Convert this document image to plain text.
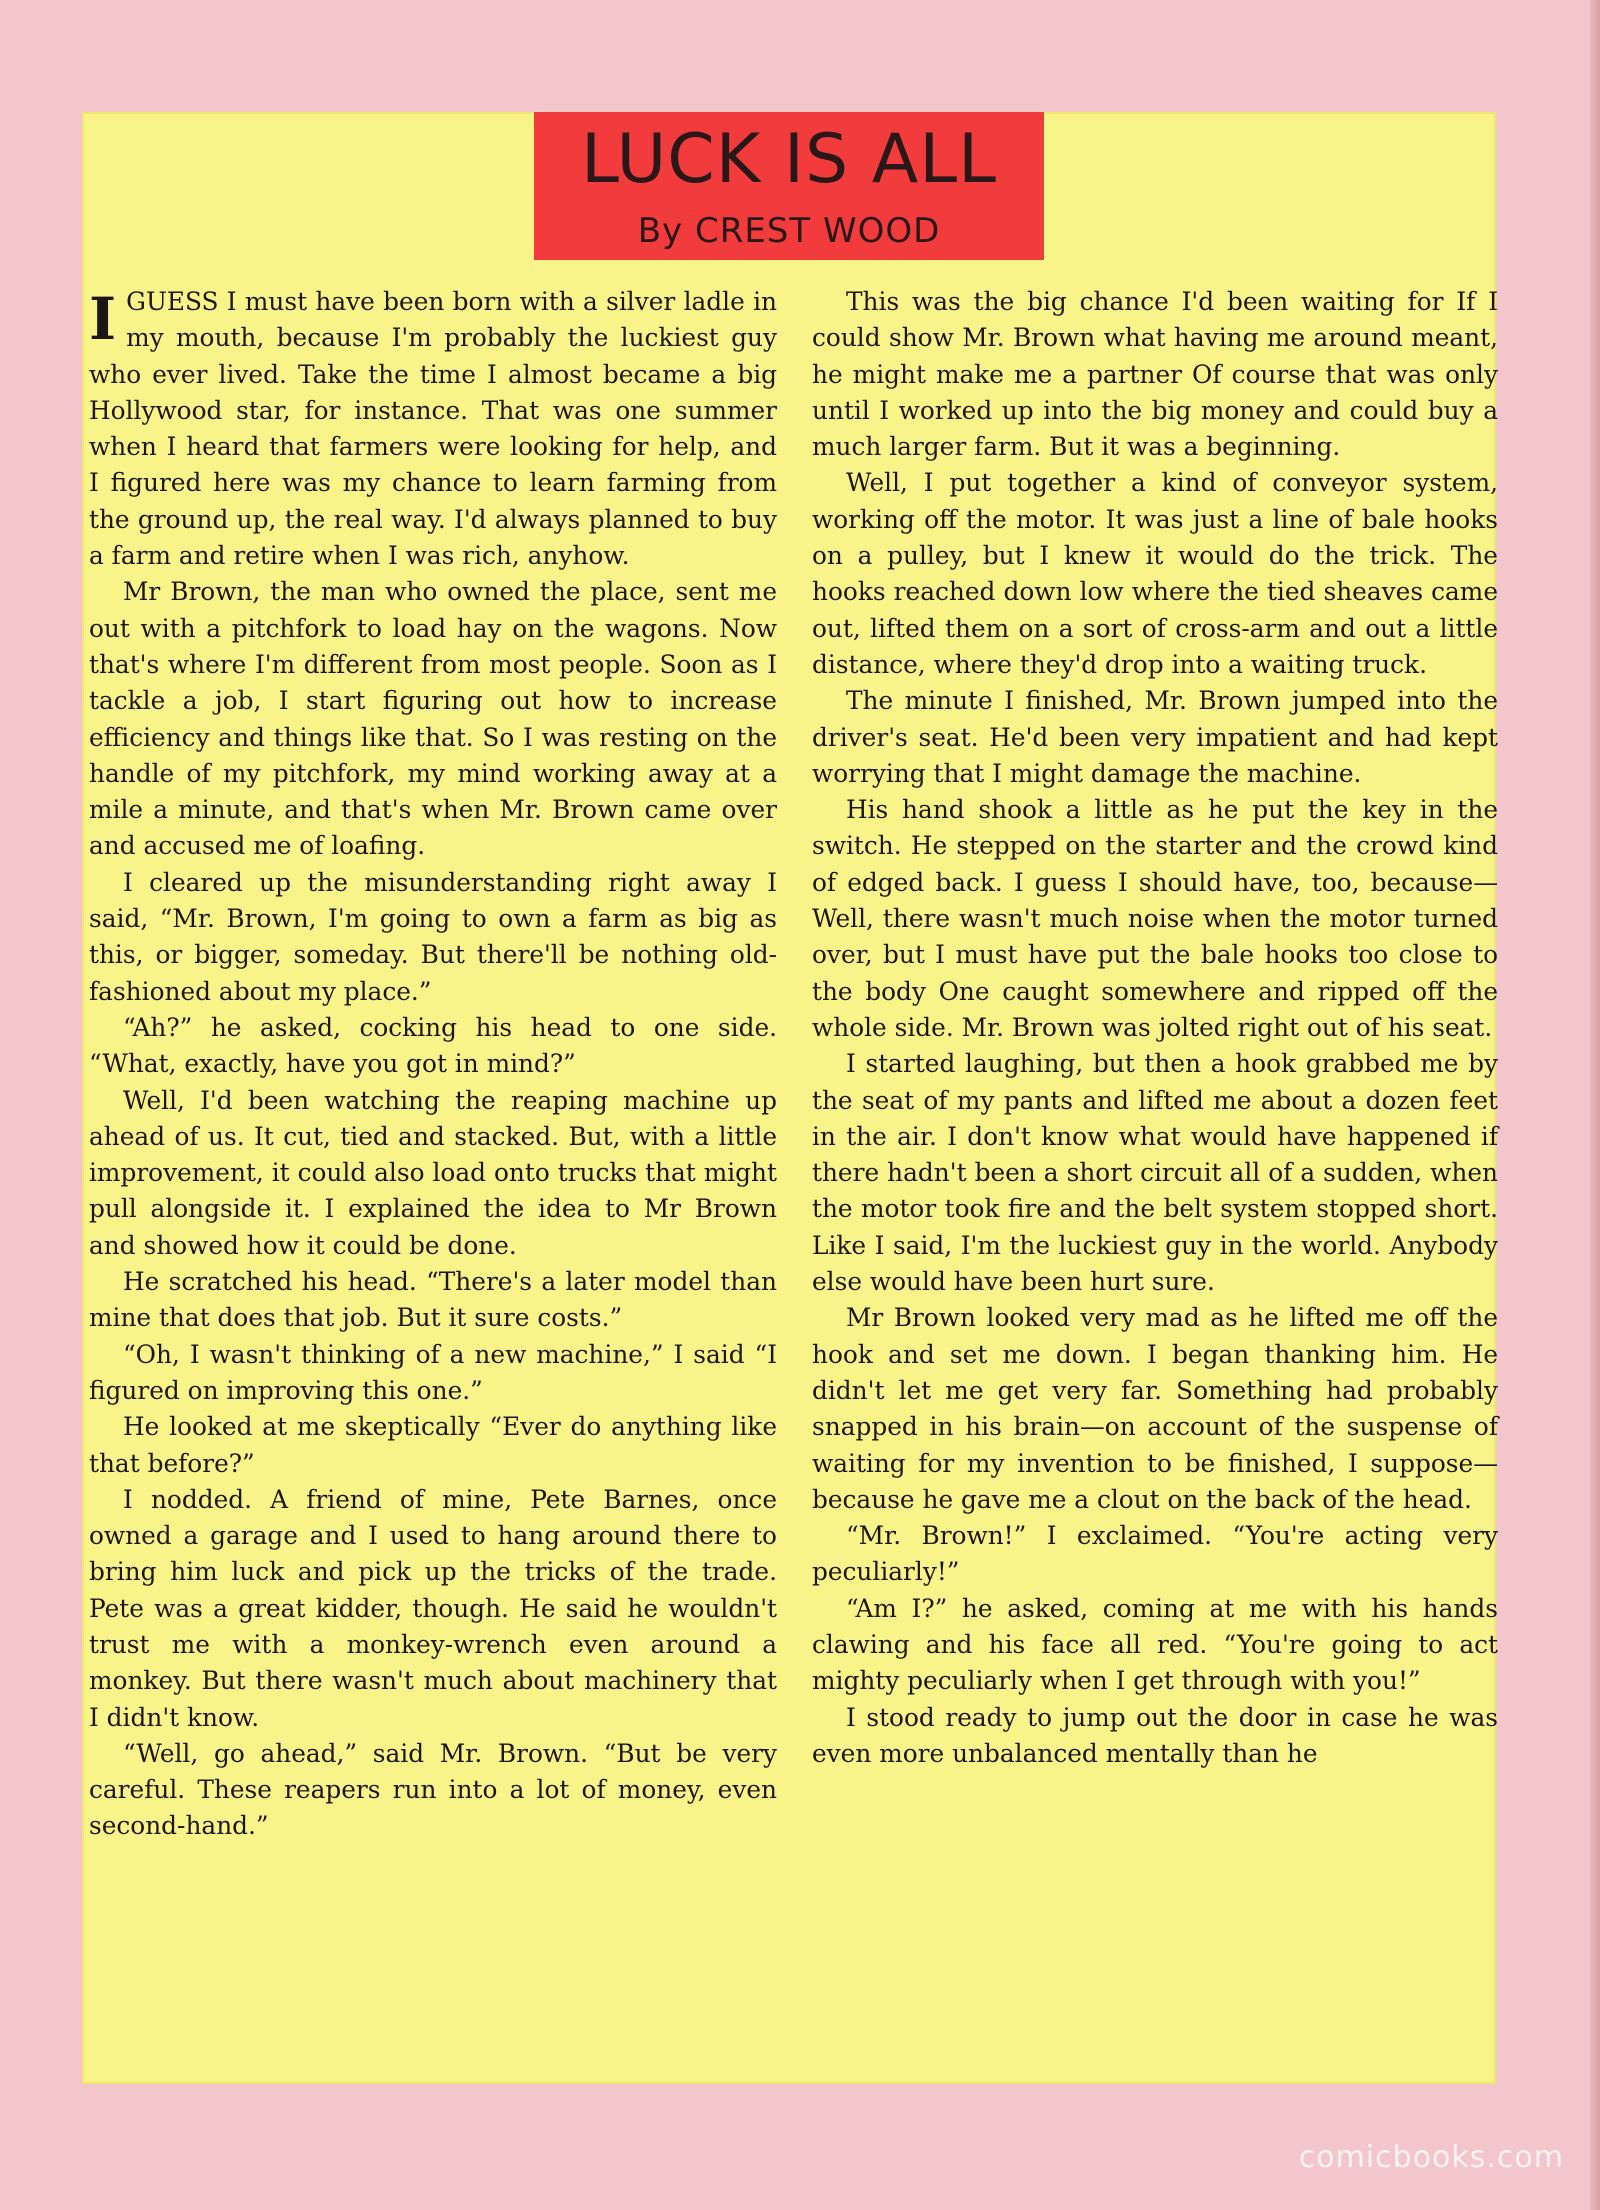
LUCK IS ALL
By CREST WOOD

I GUESS I must have been born with a silver ladle in my mouth, because I'm probably the luckiest guy who ever lived. Take the time I almost became a big Hollywood star, for instance. That was one summer when I heard that farmers were looking for help, and I figured here was my chance to learn farming from the ground up, the real way. I'd always planned to buy a farm and retire when I was rich, anyhow.

Mr Brown, the man who owned the place, sent me out with a pitchfork to load hay on the wagons. Now that's where I'm different from most people. Soon as I tackle a job, I start figuring out how to increase efficiency and things like that. So I was resting on the handle of my pitchfork, my mind working away at a mile a minute, and that's when Mr. Brown came over and accused me of loafing.

I cleared up the misunderstanding right away I said, “Mr. Brown, I'm going to own a farm as big as this, or bigger, someday. But there'll be nothing old-fashioned about my place.”

“Ah?” he asked, cocking his head to one side. “What, exactly, have you got in mind?”

Well, I'd been watching the reaping machine up ahead of us. It cut, tied and stacked. But, with a little improvement, it could also load onto trucks that might pull alongside it. I explained the idea to Mr Brown and showed how it could be done.

He scratched his head. “There's a later model than mine that does that job. But it sure costs.”

“Oh, I wasn't thinking of a new machine,” I said “I figured on improving this one.”

He looked at me skeptically “Ever do anything like that before?”

I nodded. A friend of mine, Pete Barnes, once owned a garage and I used to hang around there to bring him luck and pick up the tricks of the trade. Pete was a great kidder, though. He said he wouldn't trust me with a monkey-wrench even around a monkey. But there wasn't much about machinery that I didn't know.

“Well, go ahead,” said Mr. Brown. “But be very careful. These reapers run into a lot of money, even second-hand.”

This was the big chance I'd been waiting for If I could show Mr. Brown what having me around meant, he might make me a partner Of course that was only until I worked up into the big money and could buy a much larger farm. But it was a beginning.

Well, I put together a kind of conveyor system, working off the motor. It was just a line of bale hooks on a pulley, but I knew it would do the trick. The hooks reached down low where the tied sheaves came out, lifted them on a sort of cross-arm and out a little distance, where they'd drop into a waiting truck.

The minute I finished, Mr. Brown jumped into the driver's seat. He'd been very impatient and had kept worrying that I might damage the machine.

His hand shook a little as he put the key in the switch. He stepped on the starter and the crowd kind of edged back. I guess I should have, too, because—Well, there wasn't much noise when the motor turned over, but I must have put the bale hooks too close to the body One caught somewhere and ripped off the whole side. Mr. Brown was jolted right out of his seat.

I started laughing, but then a hook grabbed me by the seat of my pants and lifted me about a dozen feet in the air. I don't know what would have happened if there hadn't been a short circuit all of a sudden, when the motor took fire and the belt system stopped short. Like I said, I'm the luckiest guy in the world. Anybody else would have been hurt sure.

Mr Brown looked very mad as he lifted me off the hook and set me down. I began thanking him. He didn't let me get very far. Something had probably snapped in his brain—on account of the suspense of waiting for my invention to be finished, I suppose—because he gave me a clout on the back of the head.

“Mr. Brown!” I exclaimed. “You're acting very peculiarly!”

“Am I?” he asked, coming at me with his hands clawing and his face all red. “You're going to act mighty peculiarly when I get through with you!”

I stood ready to jump out the door in case he was even more unbalanced mentally than he

comicbooks.com
